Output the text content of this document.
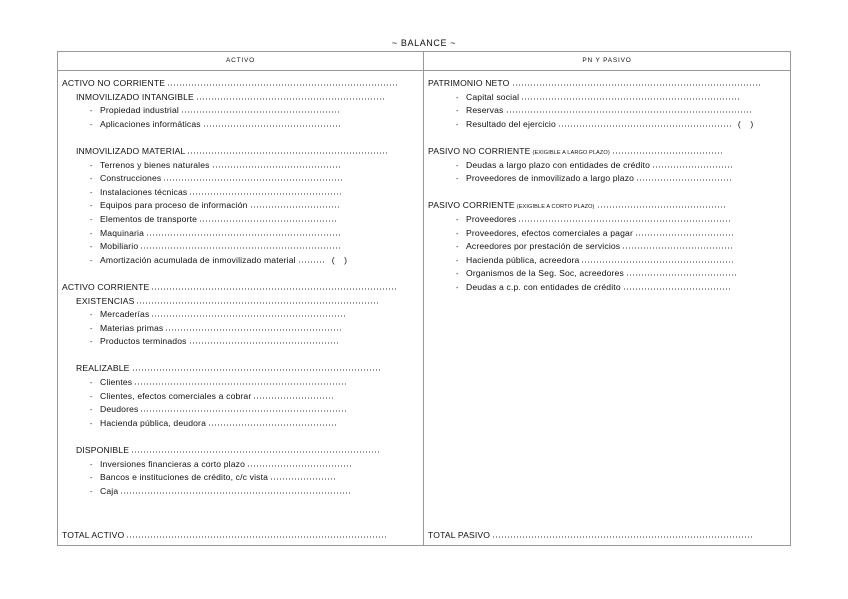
~ BALANCE ~
ACTIVO
ACTIVO NO CORRIENTE
INMOVILIZADO INTANGIBLE
- Propiedad industrial
- Aplicaciones informáticas
INMOVILIZADO MATERIAL
- Terrenos y bienes naturales
- Construcciones
- Instalaciones técnicas
- Equipos para proceso de información
- Elementos de transporte
- Maquinaria
- Mobiliario
- Amortización acumulada de inmovilizado material	(    )
ACTIVO CORRIENTE
EXISTENCIAS
- Mercaderías
- Materias primas
- Productos terminados
REALIZABLE
- Clientes
- Clientes, efectos comerciales a cobrar
- Deudores
- Hacienda pública, deudora
DISPONIBLE
- Inversiones financieras a corto plazo
- Bancos e instituciones de crédito, c/c vista
- Caja
TOTAL ACTIVO
PN Y PASIVO
PATRIMONIO NETO
- Capital social
- Reservas
- Resultado del ejercicio	(    )
PASIVO NO CORRIENTE (EXIGIBLE A LARGO PLAZO)
- Deudas a largo plazo con entidades de crédito
- Proveedores de inmovilizado a largo plazo
PASIVO CORRIENTE (EXIGIBLE A CORTO PLAZO)
- Proveedores
- Proveedores, efectos comerciales a pagar
- Acreedores por prestación de servicios
- Hacienda pública, acreedora
- Organismos de la Seg. Soc, acreedores
- Deudas a c.p. con entidades de crédito
TOTAL PASIVO
